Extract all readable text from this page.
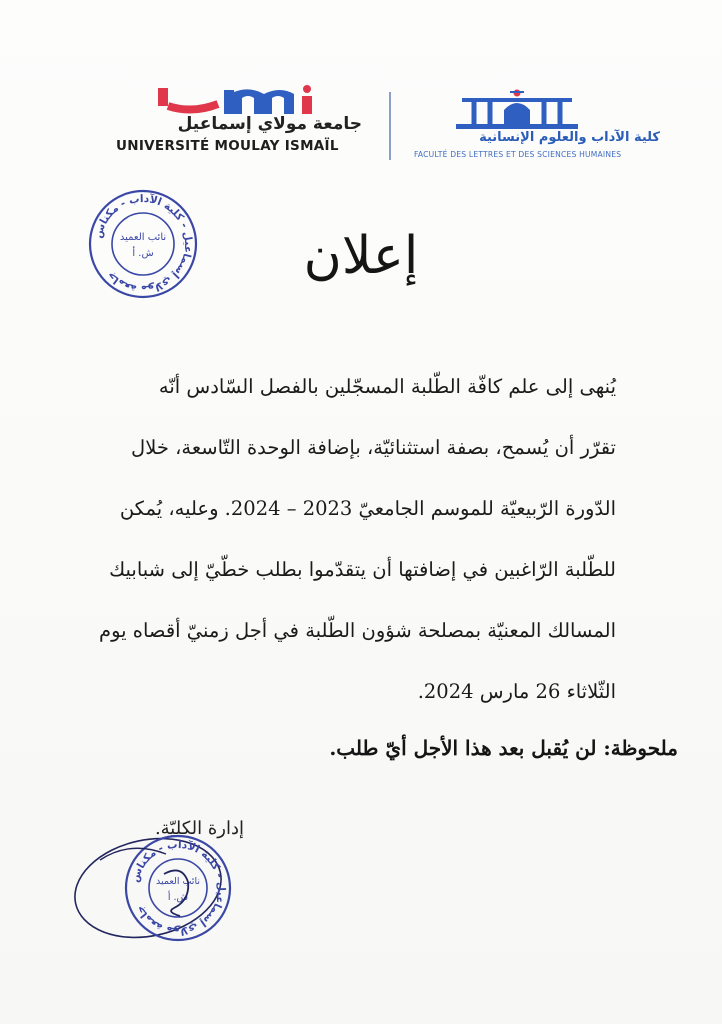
جامعة مولاي إسماعيل
UNIVERSITÉ MOULAY ISMAÏL
كلية الآداب والعلوم الإنسانية
FACULTÉ DES LETTRES ET DES SCIENCES HUMAINES
جامعة مولاي إسماعيل - كلية الآداب - مكناس
نائب العميد
ش. أ	إعلان
يُنهى إلى علم كافّة الطّلبة المسجّلين بالفصل السّادس أنّه
تقرّر أن يُسمح، بصفة استثنائيّة، بإضافة الوحدة التّاسعة، خلال
الدّورة الرّبيعيّة للموسم الجامعيّ 2023 – 2024. وعليه، يُمكن
للطّلبة الرّاغبين في إضافتها أن يتقدّموا بطلب خطّيّ إلى شبابيك
المسالك المعنيّة بمصلحة شؤون الطّلبة في أجل زمنيّ أقصاه يوم
الثّلاثاء 26 مارس 2024.
ملحوظة: لن يُقبل بعد هذا الأجل أيّ طلب.
إدارة الكليّة.
جامعة مولاي إسماعيل - كلية الآداب - مكناس
نائب العميد
ش. أ
